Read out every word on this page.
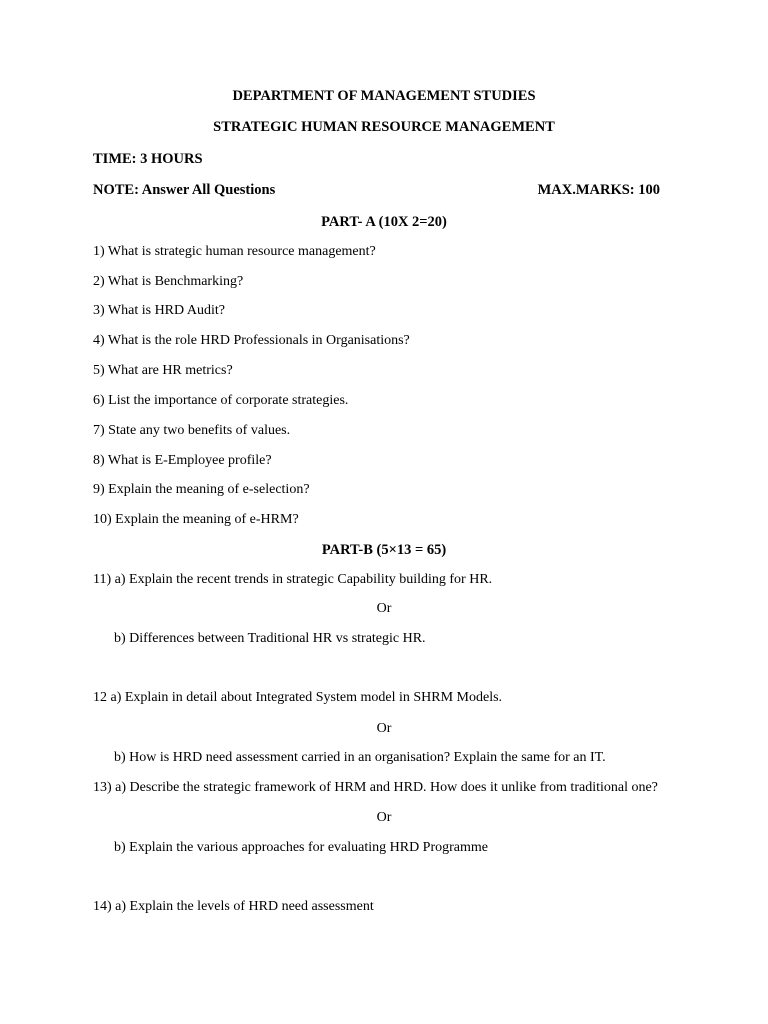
DEPARTMENT OF MANAGEMENT STUDIES
STRATEGIC HUMAN RESOURCE MANAGEMENT
TIME: 3 HOURS
NOTE: Answer All Questions	MAX.MARKS: 100
PART- A (10X 2=20)
1) What is strategic human resource management?
2) What is Benchmarking?
3) What is HRD Audit?
4) What is the role HRD Professionals in Organisations?
5) What are HR metrics?
6) List the importance of corporate strategies.
7) State any two benefits of values.
8) What is E-Employee profile?
9) Explain the meaning of e-selection?
10) Explain the meaning of e-HRM?
PART-B (5×13 = 65)
11) a) Explain the recent trends in strategic Capability building for HR.
Or
b) Differences between Traditional HR vs strategic HR.
12 a) Explain in detail about Integrated System model in SHRM Models.
Or
b) How is HRD need assessment carried in an organisation? Explain the same for an IT.
13) a) Describe the strategic framework of HRM and HRD. How does it unlike from traditional one?
Or
b) Explain the various approaches for evaluating HRD Programme
14) a) Explain the levels of HRD need assessment
